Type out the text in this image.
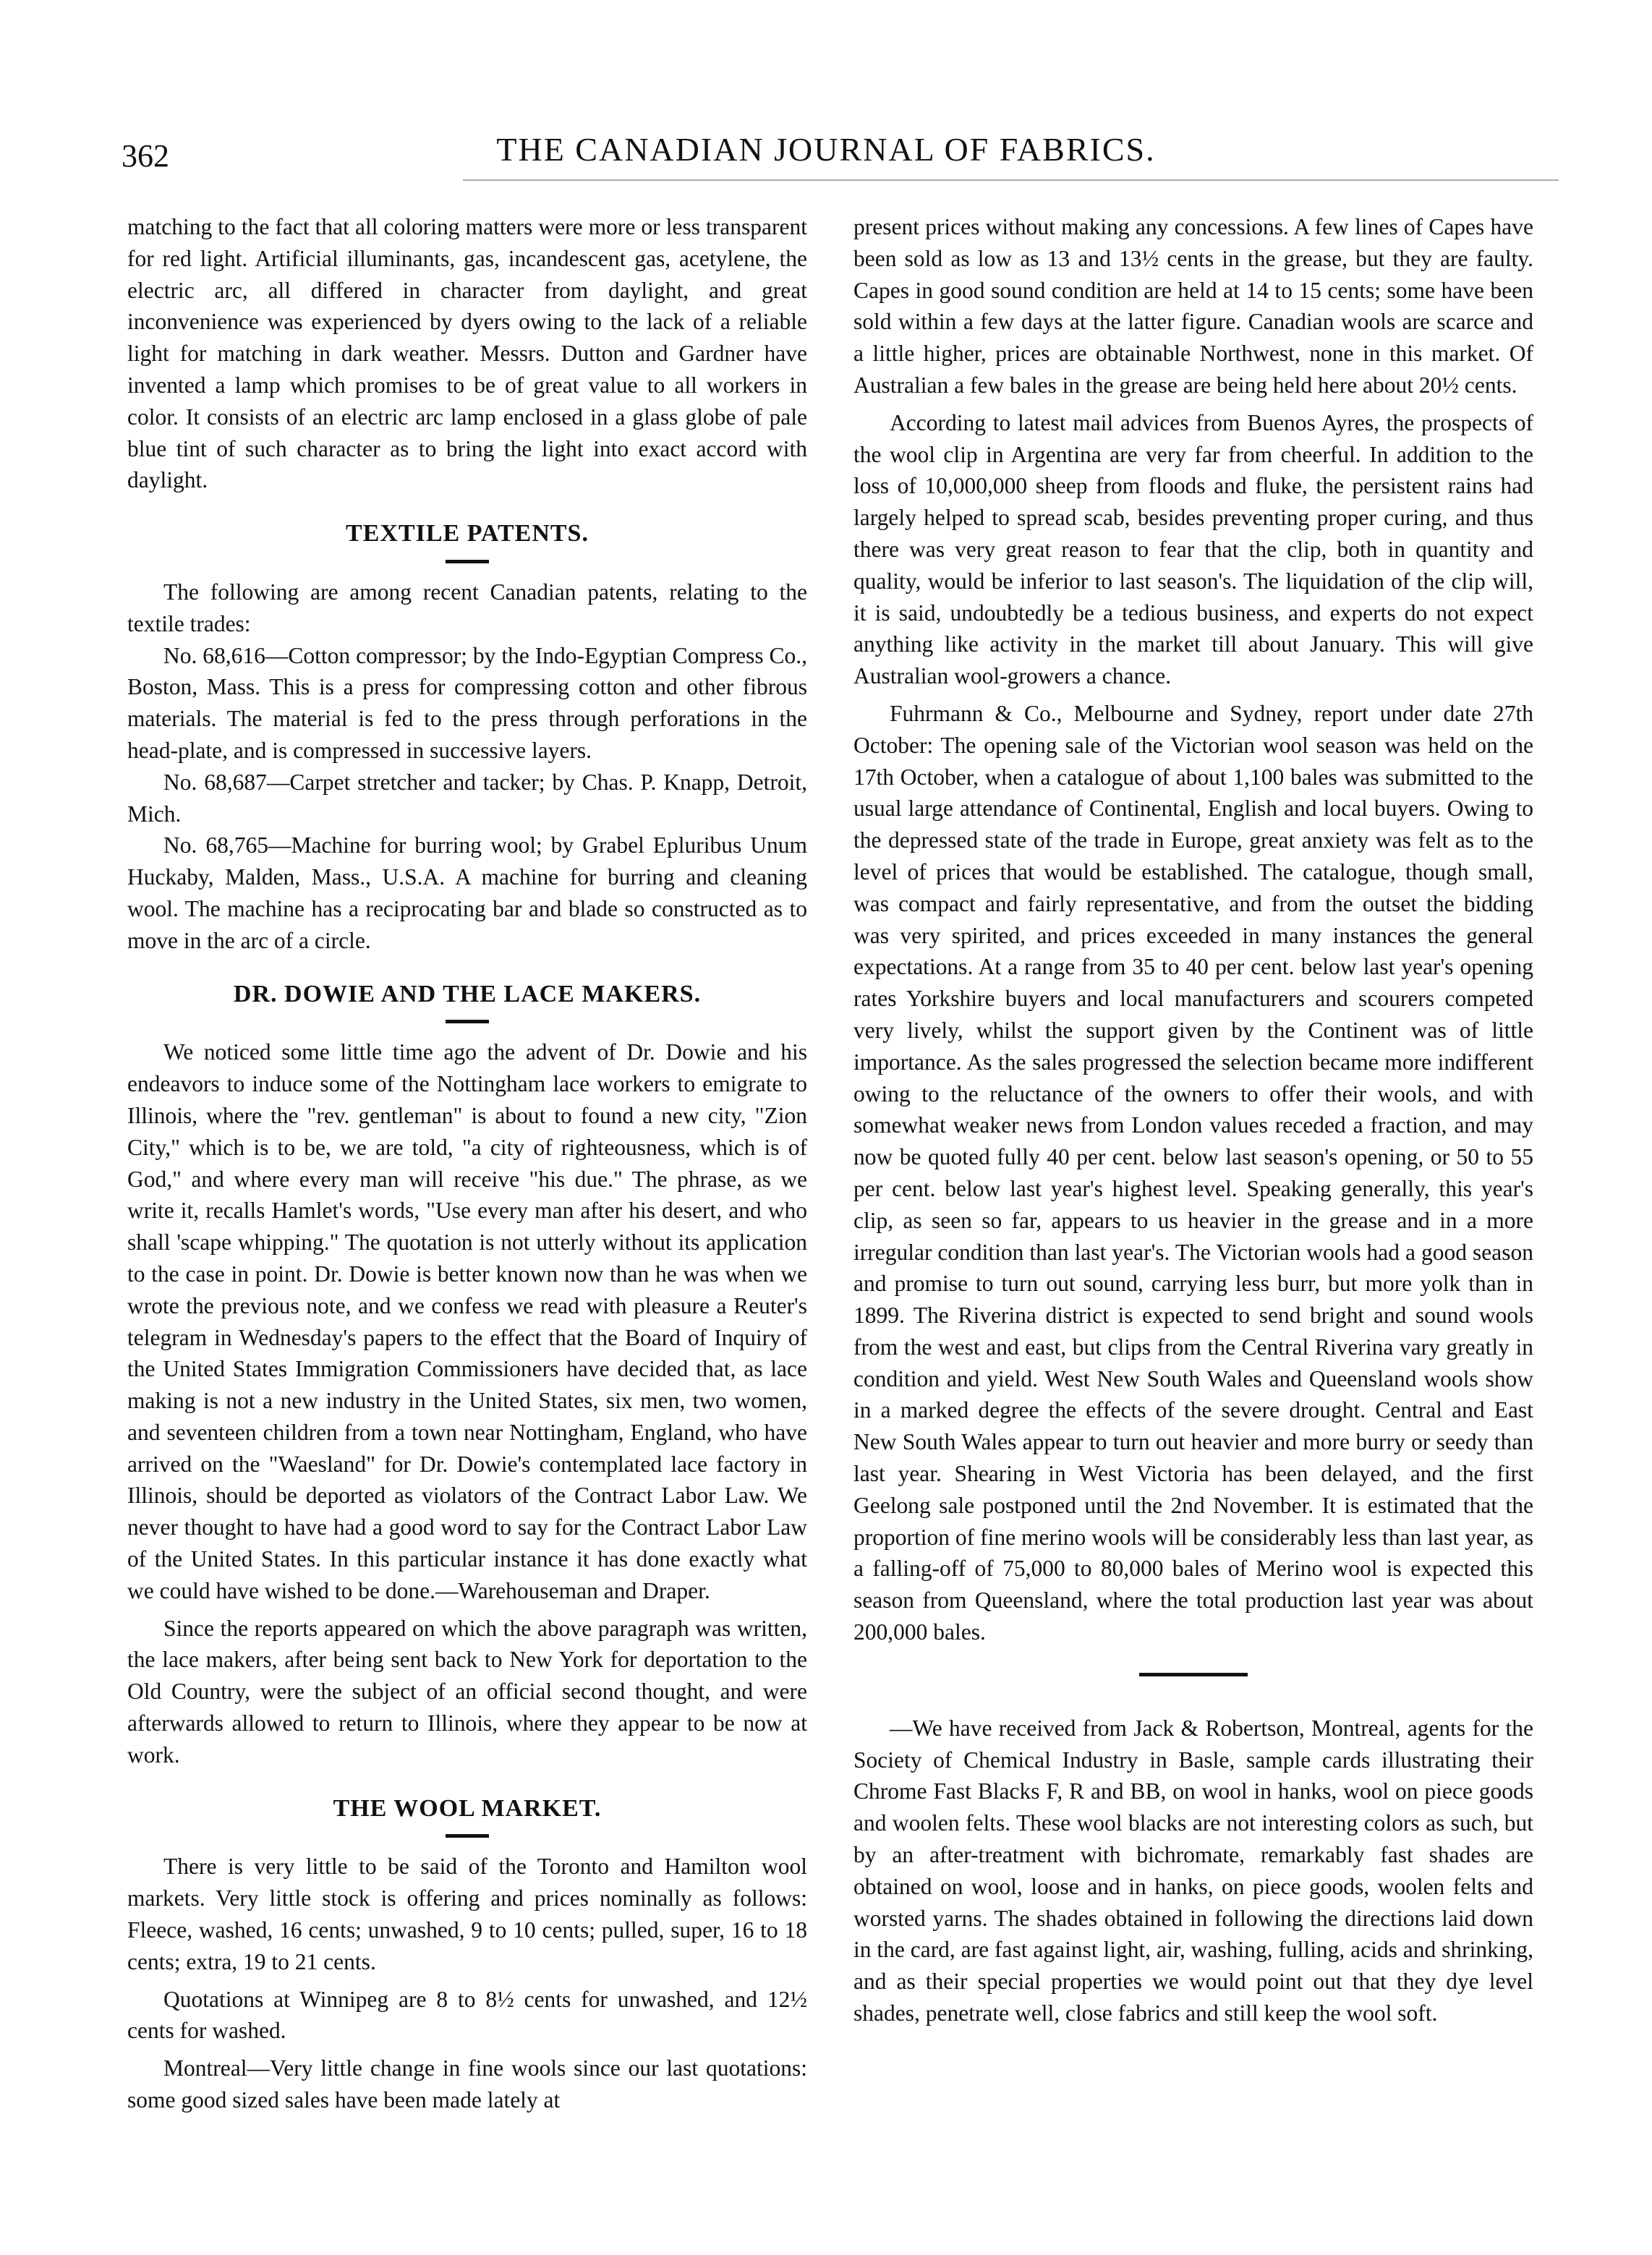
362	THE CANADIAN JOURNAL OF FABRICS.

matching to the fact that all coloring matters were more or less transparent for red light. Artificial illuminants, gas, incandescent gas, acetylene, the electric arc, all differed in character from daylight, and great inconvenience was experienced by dyers owing to the lack of a reliable light for matching in dark weather. Messrs. Dutton and Gardner have invented a lamp which promises to be of great value to all workers in color. It consists of an electric arc lamp enclosed in a glass globe of pale blue tint of such character as to bring the light into exact accord with daylight.

TEXTILE PATENTS.

The following are among recent Canadian patents, relating to the textile trades:

No. 68,616—Cotton compressor; by the Indo-Egyptian Compress Co., Boston, Mass. This is a press for compressing cotton and other fibrous materials. The material is fed to the press through perforations in the head-plate, and is compressed in successive layers.

No. 68,687—Carpet stretcher and tacker; by Chas. P. Knapp, Detroit, Mich.

No. 68,765—Machine for burring wool; by Grabel Epluribus Unum Huckaby, Malden, Mass., U.S.A. A machine for burring and cleaning wool. The machine has a reciprocating bar and blade so constructed as to move in the arc of a circle.

DR. DOWIE AND THE LACE MAKERS.

We noticed some little time ago the advent of Dr. Dowie and his endeavors to induce some of the Nottingham lace workers to emigrate to Illinois, where the "rev. gentleman" is about to found a new city, "Zion City," which is to be, we are told, "a city of righteousness, which is of God," and where every man will receive "his due." The phrase, as we write it, recalls Hamlet's words, "Use every man after his desert, and who shall 'scape whipping." The quotation is not utterly without its application to the case in point. Dr. Dowie is better known now than he was when we wrote the previous note, and we confess we read with pleasure a Reuter's telegram in Wednesday's papers to the effect that the Board of Inquiry of the United States Immigration Commissioners have decided that, as lace making is not a new industry in the United States, six men, two women, and seventeen children from a town near Nottingham, England, who have arrived on the "Waesland" for Dr. Dowie's contemplated lace factory in Illinois, should be deported as violators of the Contract Labor Law. We never thought to have had a good word to say for the Contract Labor Law of the United States. In this particular instance it has done exactly what we could have wished to be done.—Warehouseman and Draper.

Since the reports appeared on which the above paragraph was written, the lace makers, after being sent back to New York for deportation to the Old Country, were the subject of an official second thought, and were afterwards allowed to return to Illinois, where they appear to be now at work.

THE WOOL MARKET.

There is very little to be said of the Toronto and Hamilton wool markets. Very little stock is offering and prices nominally as follows: Fleece, washed, 16 cents; unwashed, 9 to 10 cents; pulled, super, 16 to 18 cents; extra, 19 to 21 cents.

Quotations at Winnipeg are 8 to 8½ cents for unwashed, and 12½ cents for washed.

Montreal—Very little change in fine wools since our last quotations: some good sized sales have been made lately at

present prices without making any concessions. A few lines of Capes have been sold as low as 13 and 13½ cents in the grease, but they are faulty. Capes in good sound condition are held at 14 to 15 cents; some have been sold within a few days at the latter figure. Canadian wools are scarce and a little higher, prices are obtainable Northwest, none in this market. Of Australian a few bales in the grease are being held here about 20½ cents.

According to latest mail advices from Buenos Ayres, the prospects of the wool clip in Argentina are very far from cheerful. In addition to the loss of 10,000,000 sheep from floods and fluke, the persistent rains had largely helped to spread scab, besides preventing proper curing, and thus there was very great reason to fear that the clip, both in quantity and quality, would be inferior to last season's. The liquidation of the clip will, it is said, undoubtedly be a tedious business, and experts do not expect anything like activity in the market till about January. This will give Australian wool-growers a chance.

Fuhrmann & Co., Melbourne and Sydney, report under date 27th October: The opening sale of the Victorian wool season was held on the 17th October, when a catalogue of about 1,100 bales was submitted to the usual large attendance of Continental, English and local buyers. Owing to the depressed state of the trade in Europe, great anxiety was felt as to the level of prices that would be established. The catalogue, though small, was compact and fairly representative, and from the outset the bidding was very spirited, and prices exceeded in many instances the general expectations. At a range from 35 to 40 per cent. below last year's opening rates Yorkshire buyers and local manufacturers and scourers competed very lively, whilst the support given by the Continent was of little importance. As the sales progressed the selection became more indifferent owing to the reluctance of the owners to offer their wools, and with somewhat weaker news from London values receded a fraction, and may now be quoted fully 40 per cent. below last season's opening, or 50 to 55 per cent. below last year's highest level. Speaking generally, this year's clip, as seen so far, appears to us heavier in the grease and in a more irregular condition than last year's. The Victorian wools had a good season and promise to turn out sound, carrying less burr, but more yolk than in 1899. The Riverina district is expected to send bright and sound wools from the west and east, but clips from the Central Riverina vary greatly in condition and yield. West New South Wales and Queensland wools show in a marked degree the effects of the severe drought. Central and East New South Wales appear to turn out heavier and more burry or seedy than last year. Shearing in West Victoria has been delayed, and the first Geelong sale postponed until the 2nd November. It is estimated that the proportion of fine merino wools will be considerably less than last year, as a falling-off of 75,000 to 80,000 bales of Merino wool is expected this season from Queensland, where the total production last year was about 200,000 bales.

—We have received from Jack & Robertson, Montreal, agents for the Society of Chemical Industry in Basle, sample cards illustrating their Chrome Fast Blacks F, R and BB, on wool in hanks, wool on piece goods and woolen felts. These wool blacks are not interesting colors as such, but by an after-treatment with bichromate, remarkably fast shades are obtained on wool, loose and in hanks, on piece goods, woolen felts and worsted yarns. The shades obtained in following the directions laid down in the card, are fast against light, air, washing, fulling, acids and shrinking, and as their special properties we would point out that they dye level shades, penetrate well, close fabrics and still keep the wool soft.
